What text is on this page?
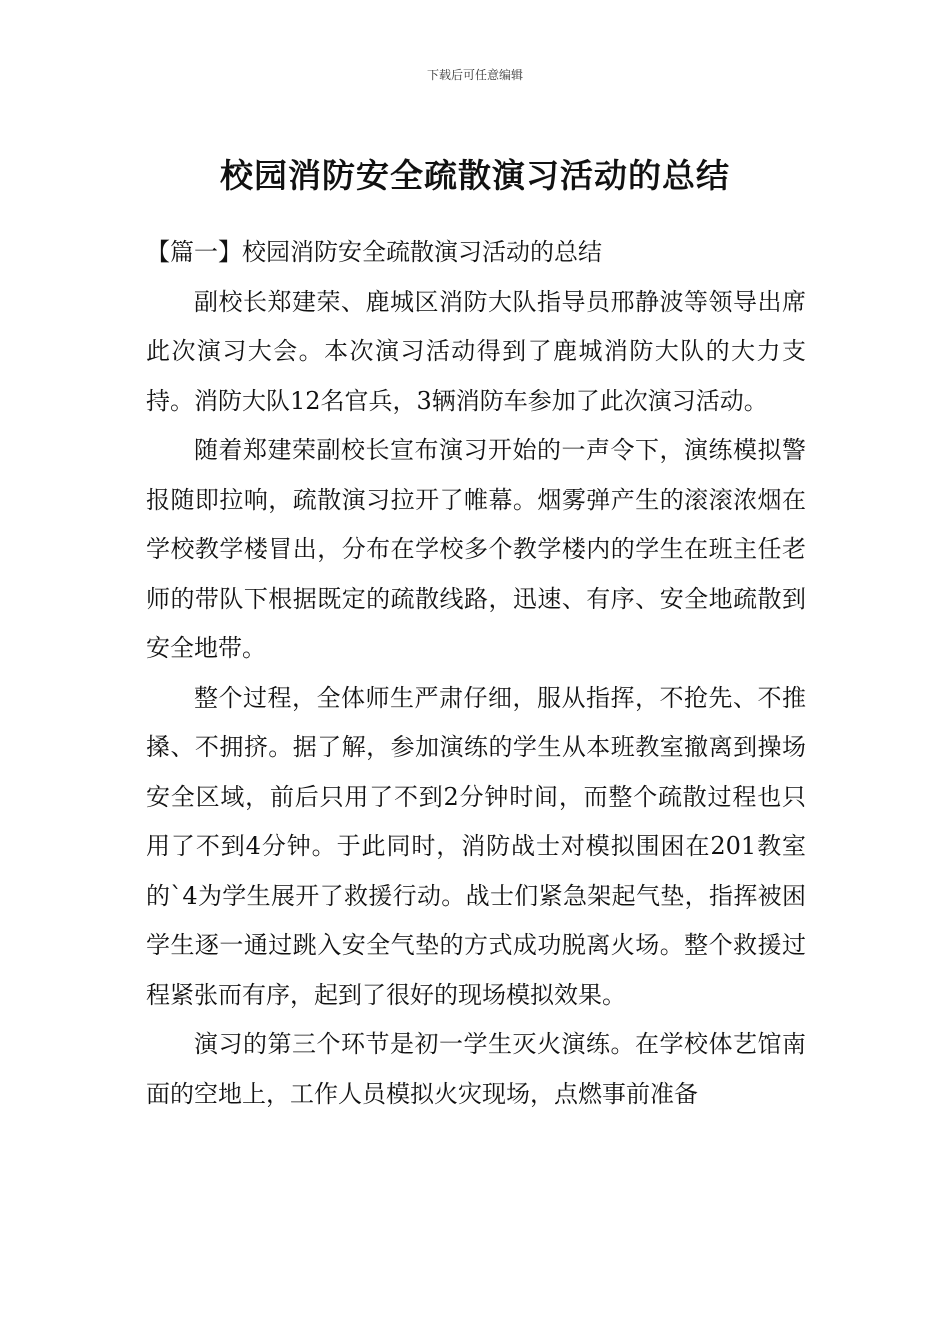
下载后可任意编辑
校园消防安全疏散演习活动的总结

【篇一】校园消防安全疏散演习活动的总结

副校长郑建荣、鹿城区消防大队指导员邢静波等领导出席此次演习大会。本次演习活动得到了鹿城消防大队的大力支持。消防大队12名官兵，3辆消防车参加了此次演习活动。

随着郑建荣副校长宣布演习开始的一声令下，演练模拟警报随即拉响，疏散演习拉开了帷幕。烟雾弹产生的滚滚浓烟在学校教学楼冒出，分布在学校多个教学楼内的学生在班主任老师的带队下根据既定的疏散线路，迅速、有序、安全地疏散到安全地带。

整个过程，全体师生严肃仔细，服从指挥，不抢先、不推搡、不拥挤。据了解，参加演练的学生从本班教室撤离到操场安全区域，前后只用了不到2分钟时间，而整个疏散过程也只用了不到4分钟。于此同时，消防战士对模拟围困在201教室的`4为学生展开了救援行动。战士们紧急架起气垫，指挥被困学生逐一通过跳入安全气垫的方式成功脱离火场。整个救援过程紧张而有序，起到了很好的现场模拟效果。

演习的第三个环节是初一学生灭火演练。在学校体艺馆南面的空地上，工作人员模拟火灾现场，点燃事前准备
